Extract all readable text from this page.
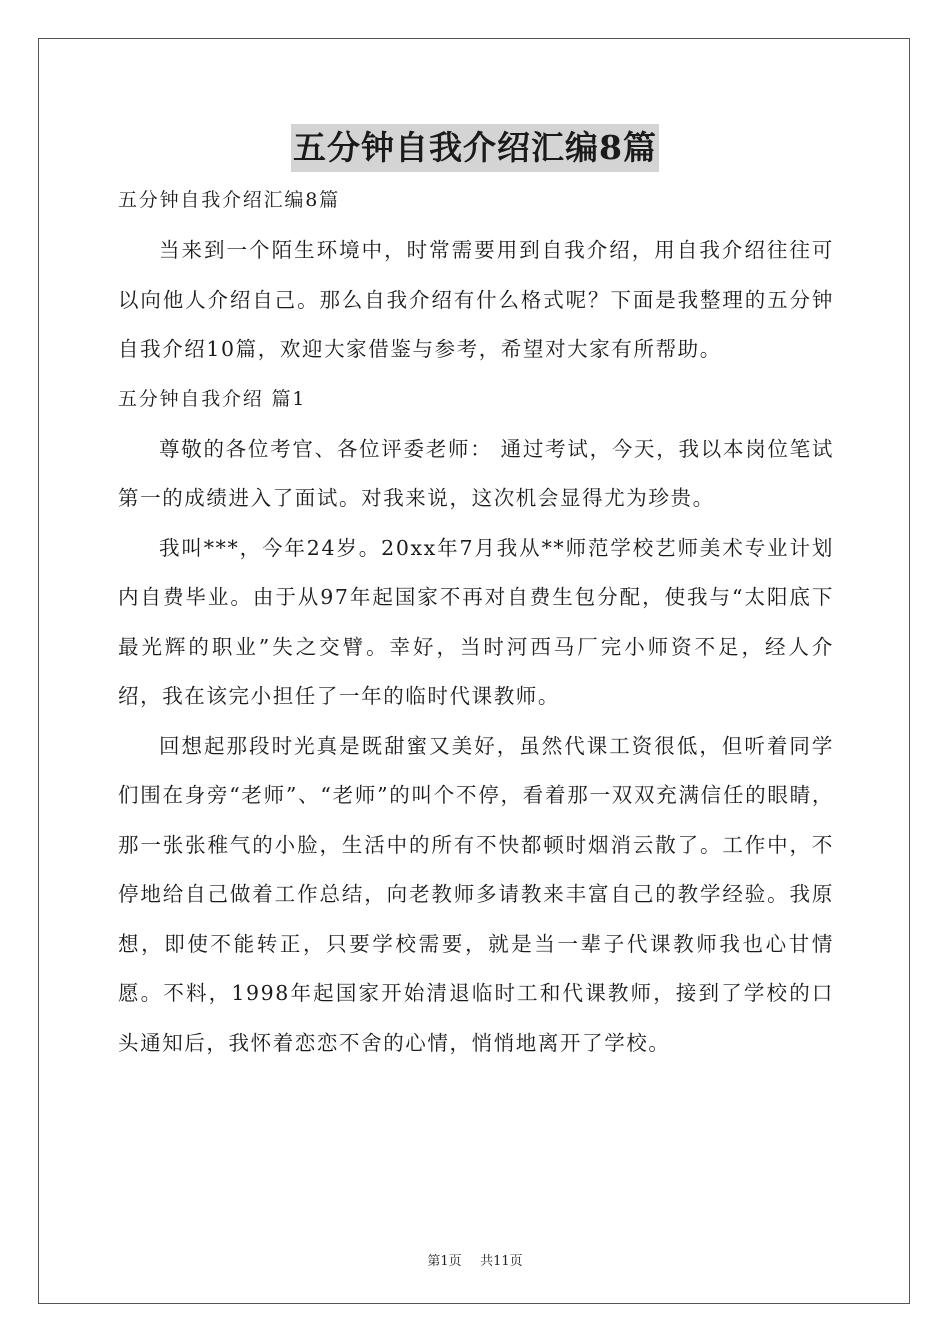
五分钟自我介绍汇编8篇

五分钟自我介绍汇编8篇

当来到一个陌生环境中，时常需要用到自我介绍，用自我介绍往往可以向他人介绍自己。那么自我介绍有什么格式呢？下面是我整理的五分钟自我介绍10篇，欢迎大家借鉴与参考，希望对大家有所帮助。

五分钟自我介绍 篇1

尊敬的各位考官、各位评委老师： 通过考试，今天，我以本岗位笔试第一的成绩进入了面试。对我来说，这次机会显得尤为珍贵。

我叫***，今年24岁。20xx年7月我从**师范学校艺师美术专业计划内自费毕业。由于从97年起国家不再对自费生包分配，使我与“太阳底下最光辉的职业”失之交臂。幸好，当时河西马厂完小师资不足，经人介绍，我在该完小担任了一年的临时代课教师。

回想起那段时光真是既甜蜜又美好，虽然代课工资很低，但听着同学们围在身旁“老师”、“老师”的叫个不停，看着那一双双充满信任的眼睛，那一张张稚气的小脸，生活中的所有不快都顿时烟消云散了。工作中，不停地给自己做着工作总结，向老教师多请教来丰富自己的教学经验。我原想，即使不能转正，只要学校需要，就是当一辈子代课教师我也心甘情愿。不料，1998年起国家开始清退临时工和代课教师，接到了学校的口头通知后，我怀着恋恋不舍的心情，悄悄地离开了学校。

第1页 共11页
